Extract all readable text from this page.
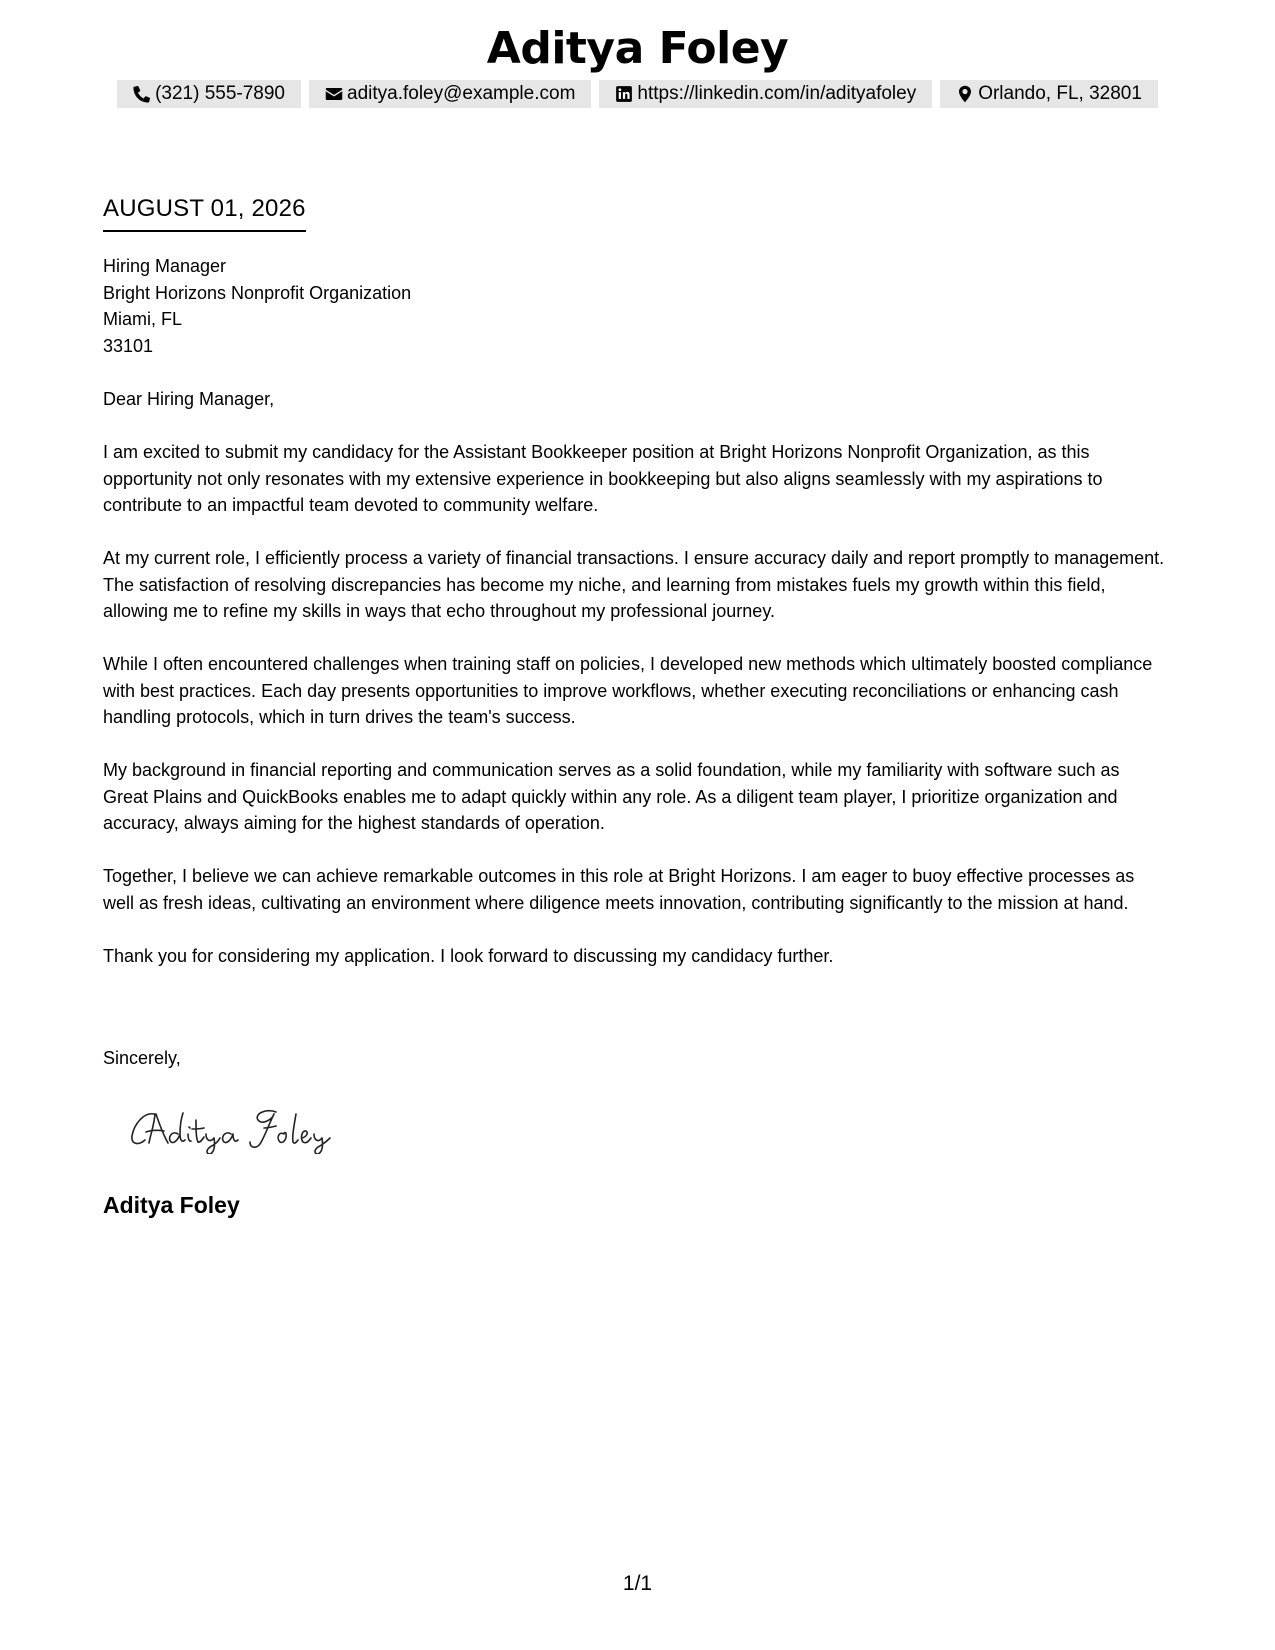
Aditya Foley
(321) 555-7890	aditya.foley@example.com	https://linkedin.com/in/adityafoley	Orlando, FL, 32801
AUGUST 01, 2026
Hiring Manager
Bright Horizons Nonprofit Organization
Miami, FL
33101

Dear Hiring Manager,

I am excited to submit my candidacy for the Assistant Bookkeeper position at Bright Horizons Nonprofit Organization, as this opportunity not only resonates with my extensive experience in bookkeeping but also aligns seamlessly with my aspirations to contribute to an impactful team devoted to community welfare.

At my current role, I efficiently process a variety of financial transactions. I ensure accuracy daily and report promptly to management. The satisfaction of resolving discrepancies has become my niche, and learning from mistakes fuels my growth within this field, allowing me to refine my skills in ways that echo throughout my professional journey.

While I often encountered challenges when training staff on policies, I developed new methods which ultimately boosted compliance with best practices. Each day presents opportunities to improve workflows, whether executing reconciliations or enhancing cash handling protocols, which in turn drives the team's success.

My background in financial reporting and communication serves as a solid foundation, while my familiarity with software such as Great Plains and QuickBooks enables me to adapt quickly within any role. As a diligent team player, I prioritize organization and accuracy, always aiming for the highest standards of operation.

Together, I believe we can achieve remarkable outcomes in this role at Bright Horizons. I am eager to buoy effective processes as well as fresh ideas, cultivating an environment where diligence meets innovation, contributing significantly to the mission at hand.

Thank you for considering my application. I look forward to discussing my candidacy further.

Sincerely,
Aditya Foley
1/1
